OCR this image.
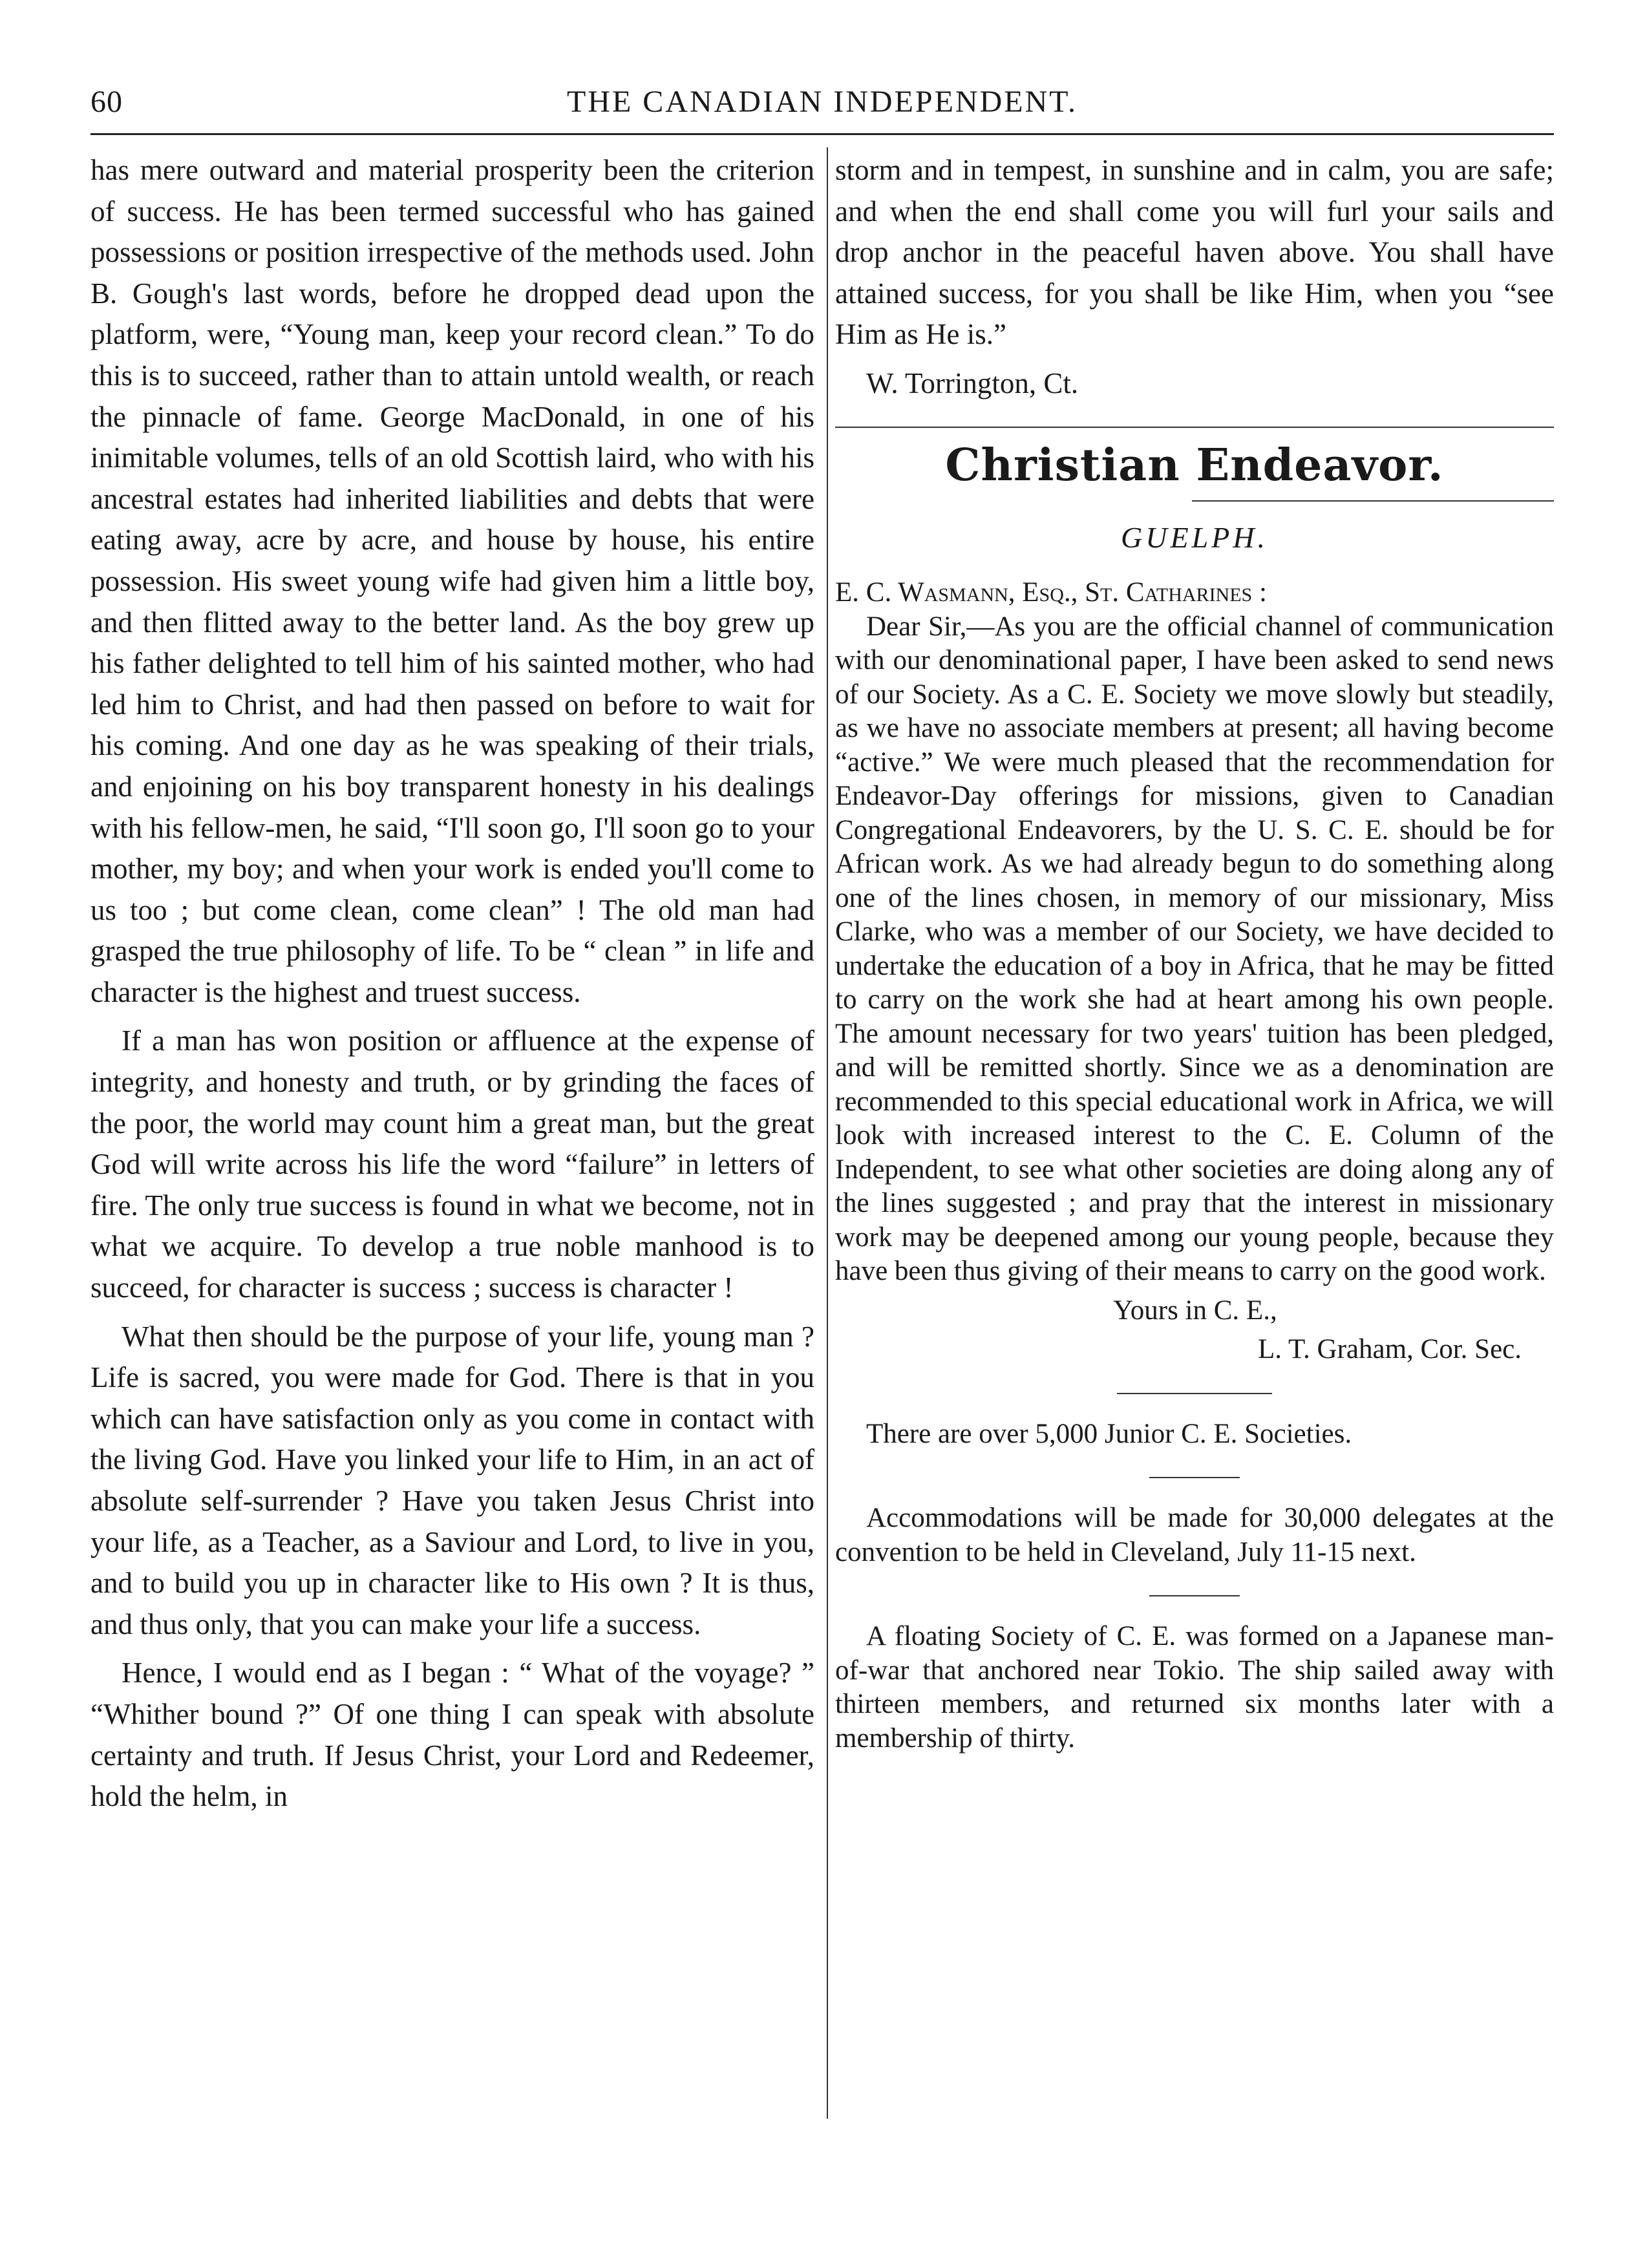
60	THE CANADIAN INDEPENDENT.

has mere outward and material prosperity been the criterion of success. He has been termed successful who has gained possessions or position irrespective of the methods used. John B. Gough's last words, before he dropped dead upon the platform, were, “Young man, keep your record clean.” To do this is to succeed, rather than to attain untold wealth, or reach the pinnacle of fame. George MacDonald, in one of his inimitable volumes, tells of an old Scottish laird, who with his ancestral estates had inherited liabilities and debts that were eating away, acre by acre, and house by house, his entire possession. His sweet young wife had given him a little boy, and then flitted away to the better land. As the boy grew up his father delighted to tell him of his sainted mother, who had led him to Christ, and had then passed on before to wait for his coming. And one day as he was speaking of their trials, and enjoining on his boy transparent honesty in his dealings with his fellow-men, he said, “I'll soon go, I'll soon go to your mother, my boy; and when your work is ended you'll come to us too ; but come clean, come clean” ! The old man had grasped the true philosophy of life. To be “ clean ” in life and character is the highest and truest success.

If a man has won position or affluence at the expense of integrity, and honesty and truth, or by grinding the faces of the poor, the world may count him a great man, but the great God will write across his life the word “failure” in letters of fire. The only true success is found in what we become, not in what we acquire. To develop a true noble manhood is to succeed, for character is success ; success is character !

What then should be the purpose of your life, young man ? Life is sacred, you were made for God. There is that in you which can have satisfaction only as you come in contact with the living God. Have you linked your life to Him, in an act of absolute self-surrender ? Have you taken Jesus Christ into your life, as a Teacher, as a Saviour and Lord, to live in you, and to build you up in character like to His own ? It is thus, and thus only, that you can make your life a success.

Hence, I would end as I began : “ What of the voyage? ” “Whither bound ?” Of one thing I can speak with absolute certainty and truth. If Jesus Christ, your Lord and Redeemer, hold the helm, in

storm and in tempest, in sunshine and in calm, you are safe; and when the end shall come you will furl your sails and drop anchor in the peaceful haven above. You shall have attained success, for you shall be like Him, when you “see Him as He is.”

W. Torrington, Ct.

Christian Endeavor.
GUELPH.

E. C. Wasmann, Esq., St. Catharines :

Dear Sir,—As you are the official channel of communication with our denominational paper, I have been asked to send news of our Society. As a C. E. Society we move slowly but steadily, as we have no associate members at present; all having become “active.” We were much pleased that the recommendation for Endeavor-Day offerings for missions, given to Canadian Congregational Endeavorers, by the U. S. C. E. should be for African work. As we had already begun to do something along one of the lines chosen, in memory of our missionary, Miss Clarke, who was a member of our Society, we have decided to undertake the education of a boy in Africa, that he may be fitted to carry on the work she had at heart among his own people. The amount necessary for two years' tuition has been pledged, and will be remitted shortly. Since we as a denomination are recommended to this special educational work in Africa, we will look with increased interest to the C. E. Column of the Independent, to see what other societies are doing along any of the lines suggested ; and pray that the interest in missionary work may be deepened among our young people, because they have been thus giving of their means to carry on the good work.

Yours in C. E.,

L. T. Graham, Cor. Sec.

There are over 5,000 Junior C. E. Societies.

Accommodations will be made for 30,000 delegates at the convention to be held in Cleveland, July 11-15 next.

A floating Society of C. E. was formed on a Japanese man-of-war that anchored near Tokio. The ship sailed away with thirteen members, and returned six months later with a membership of thirty.
